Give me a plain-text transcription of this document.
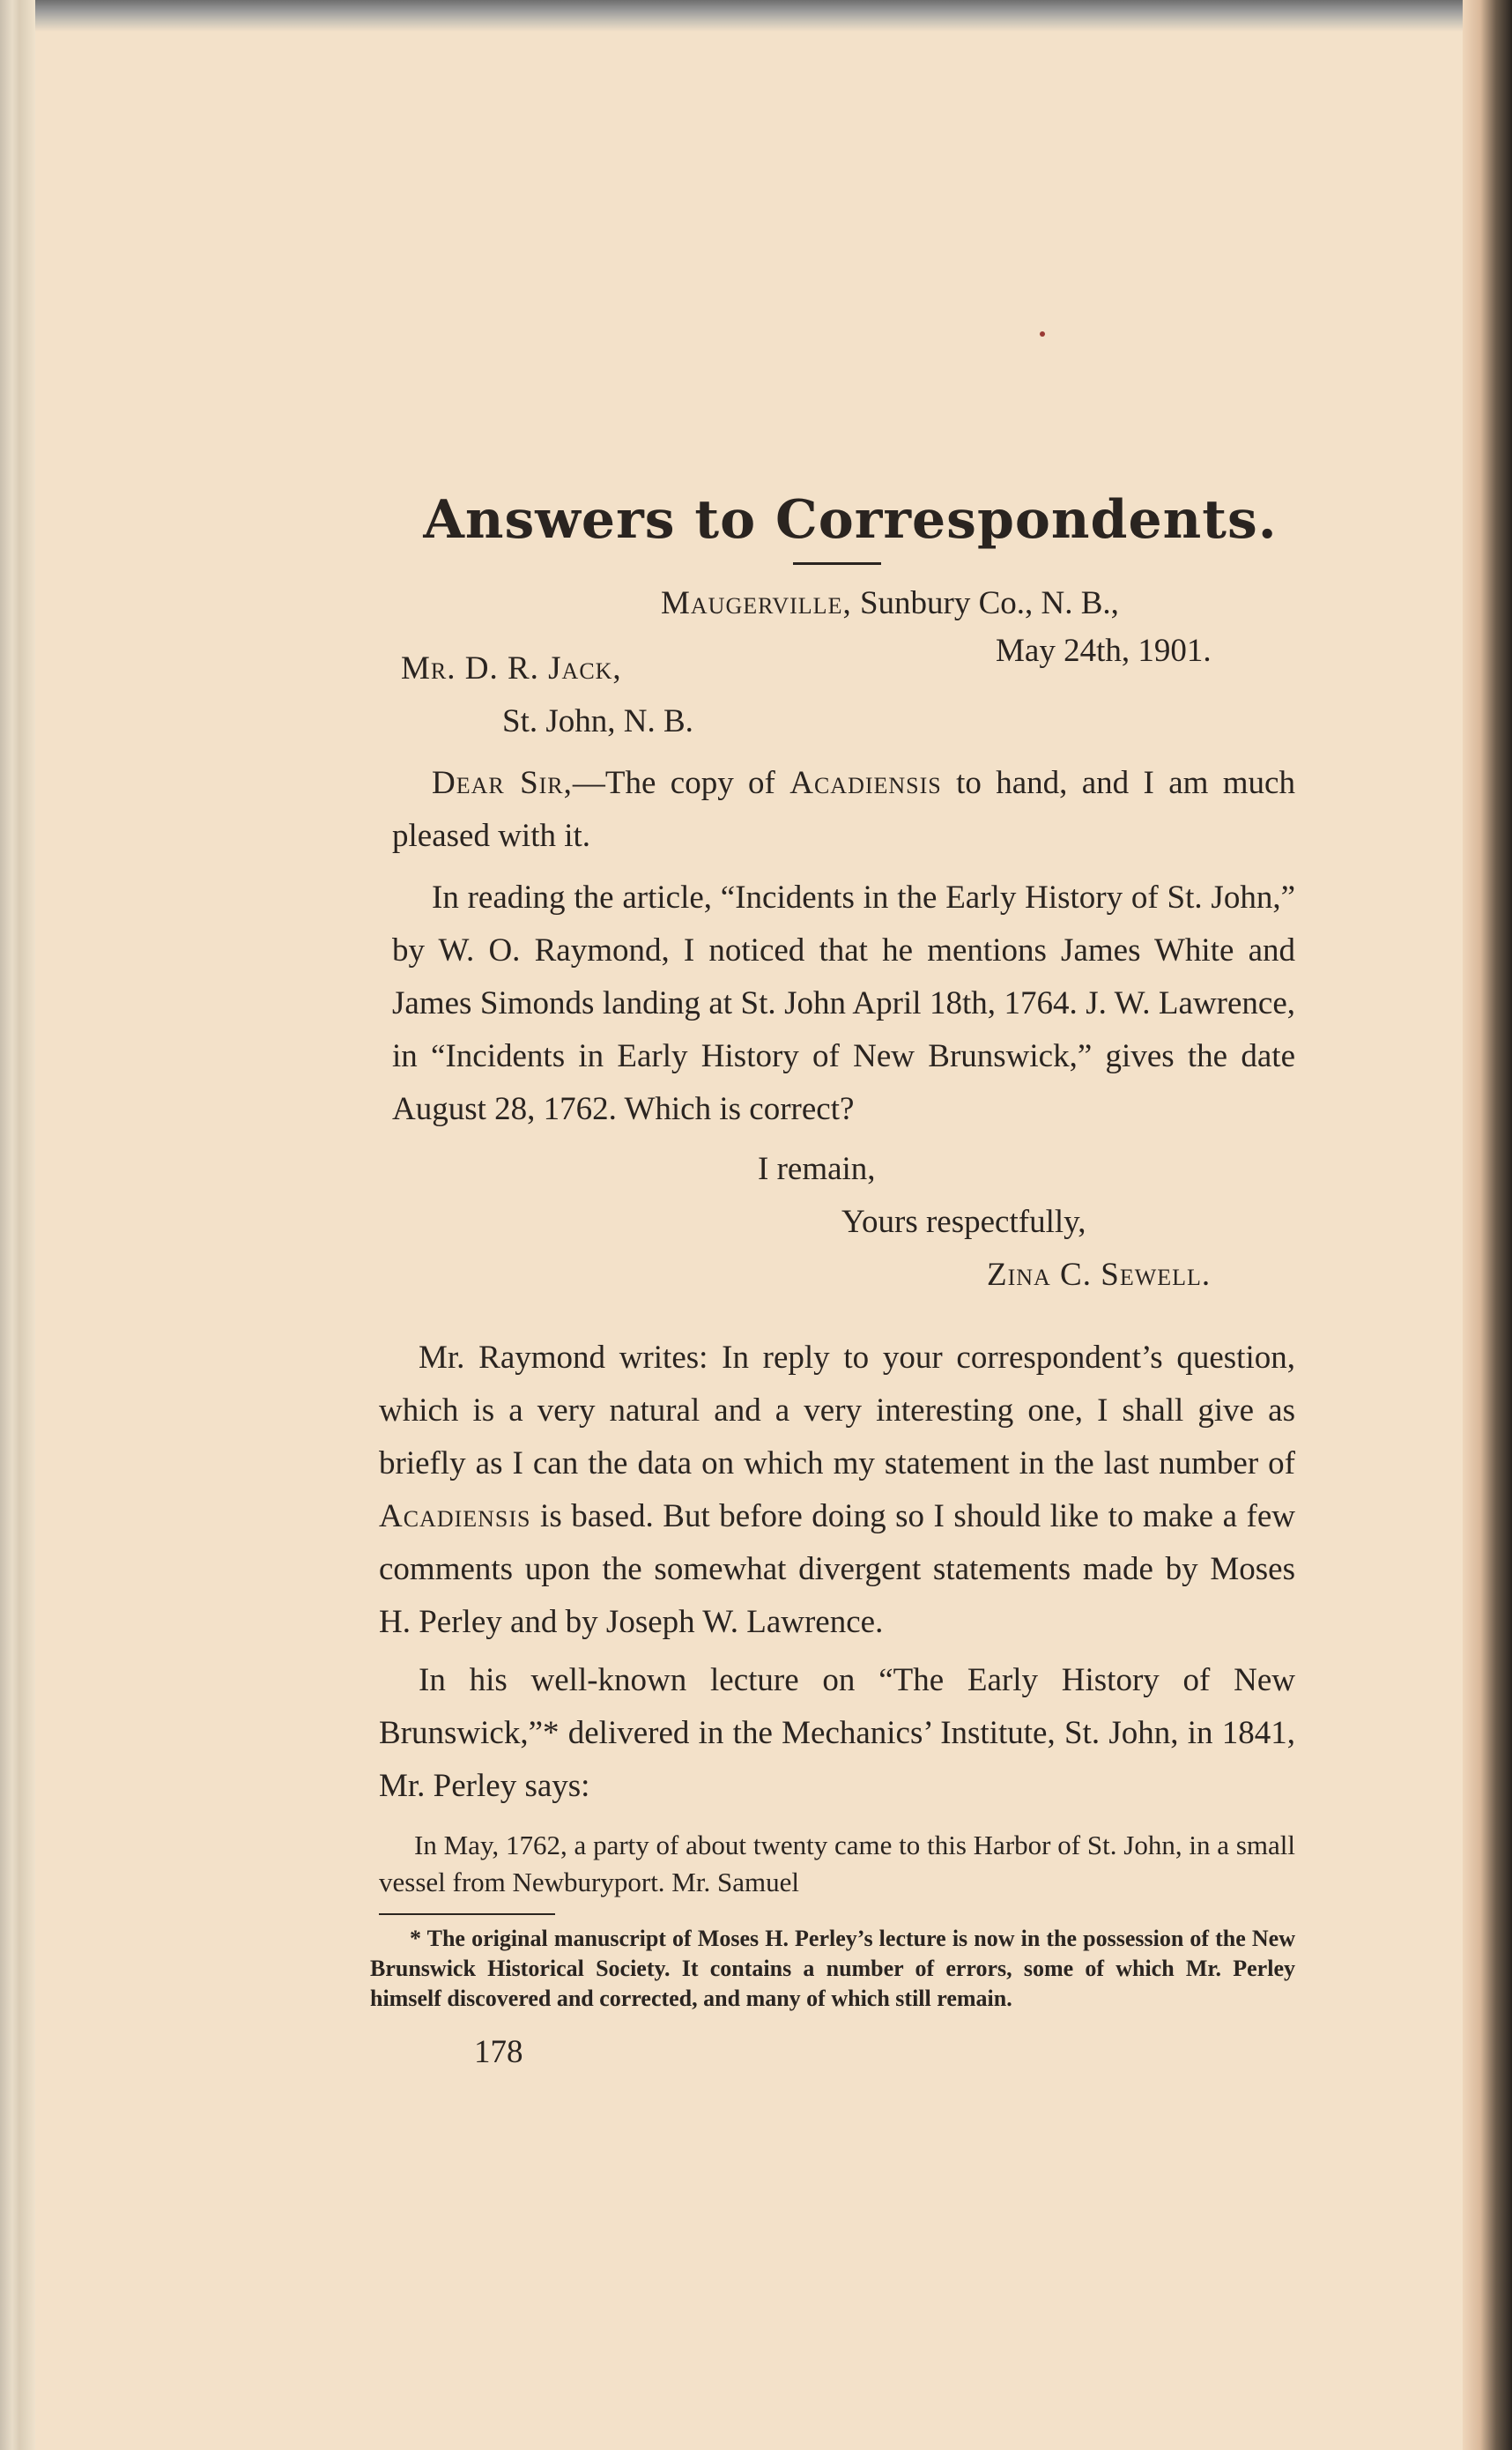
Answers to Correspondents.
Maugerville, Sunbury Co., N. B.,
May 24th, 1901.
Mr. D. R. Jack,
St. John, N. B.
Dear Sir,—The copy of Acadiensis to hand, and I am much pleased with it.
In reading the article, “Incidents in the Early History of St. John,” by W. O. Raymond, I noticed that he mentions James White and James Simonds landing at St. John April 18th, 1764. J. W. Lawrence, in “Incidents in Early History of New Brunswick,” gives the date August 28, 1762. Which is correct?
I remain,
Yours respectfully,
Zina C. Sewell.
Mr. Raymond writes: In reply to your correspondent’s question, which is a very natural and a very interesting one, I shall give as briefly as I can the data on which my statement in the last number of Acadiensis is based. But before doing so I should like to make a few comments upon the somewhat divergent statements made by Moses H. Perley and by Joseph W. Lawrence.
In his well-known lecture on “The Early History of New Brunswick,”* delivered in the Mechanics’ Institute, St. John, in 1841, Mr. Perley says:
In May, 1762, a party of about twenty came to this Harbor of St. John, in a small vessel from Newburyport. Mr. Samuel
* The original manuscript of Moses H. Perley’s lecture is now in the possession of the New Brunswick Historical Society. It contains a number of errors, some of which Mr. Perley himself discovered and corrected, and many of which still remain.
178
